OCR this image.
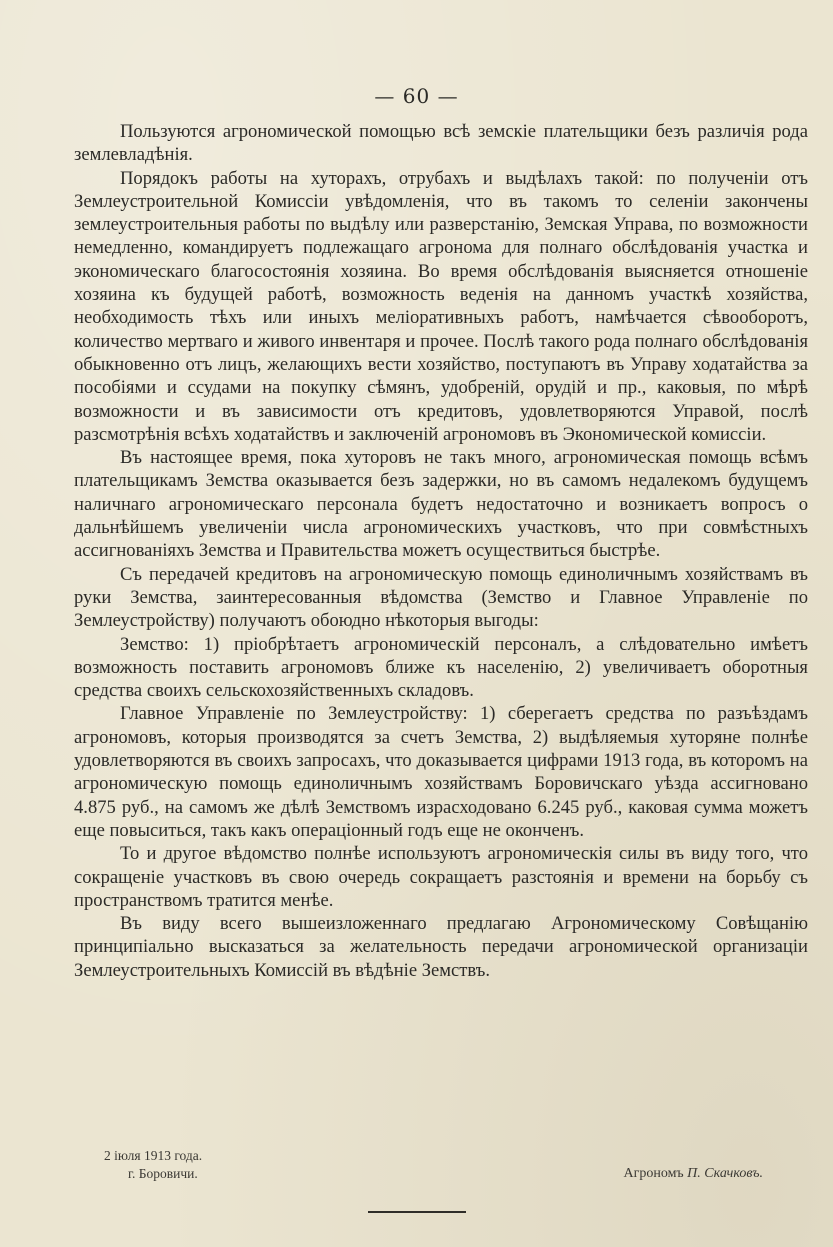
— 60 —

Пользуются агрономической помощью всѣ земскіе плательщики безъ различія рода землевладѣнія.

Порядокъ работы на хуторахъ, отрубахъ и выдѣлахъ такой: по полученіи отъ Землеустроительной Комиссіи увѣдомленія, что въ такомъ то селеніи закончены землеустроительныя работы по выдѣлу или разверстанію, Земская Управа, по возможности немедленно, командируетъ подлежащаго агронома для полнаго обслѣдованія участка и экономическаго благосостоянія хозяина. Во время обслѣдованія выясняется отношеніе хозяина къ будущей работѣ, возможность веденія на данномъ участкѣ хозяйства, необходимость тѣхъ или иныхъ меліоративныхъ работъ, намѣчается сѣвооборотъ, количество мертваго и живого инвентаря и прочее. Послѣ такого рода полнаго обслѣдованія обыкновенно отъ лицъ, желающихъ вести хозяйство, поступаютъ въ Управу ходатайства за пособіями и ссудами на покупку сѣмянъ, удобреній, орудій и пр., каковыя, по мѣрѣ возможности и въ зависимости отъ кредитовъ, удовлетворяются Управой, послѣ разсмотрѣнія всѣхъ ходатайствъ и заключеній агрономовъ въ Экономической комиссіи.

Въ настоящее время, пока хуторовъ не такъ много, агрономическая помощь всѣмъ плательщикамъ Земства оказывается безъ задержки, но въ самомъ недалекомъ будущемъ наличнаго агрономическаго персонала будетъ недостаточно и возникаетъ вопросъ о дальнѣйшемъ увеличеніи числа агрономическихъ участковъ, что при совмѣстныхъ ассигнованіяхъ Земства и Правительства можетъ осуществиться быстрѣе.

Съ передачей кредитовъ на агрономическую помощь единоличнымъ хозяйствамъ въ руки Земства, заинтересованныя вѣдомства (Земство и Главное Управленіе по Землеустройству) получаютъ обоюдно нѣкоторыя выгоды:

Земство: 1) пріобрѣтаетъ агрономическій персоналъ, а слѣдовательно имѣетъ возможность поставить агрономовъ ближе къ населенію, 2) увеличиваетъ оборотныя средства своихъ сельскохозяйственныхъ складовъ.

Главное Управленіе по Землеустройству: 1) сберегаетъ средства по разъѣздамъ агрономовъ, которыя производятся за счетъ Земства, 2) выдѣляемыя хуторяне полнѣе удовлетворяются въ своихъ запросахъ, что доказывается цифрами 1913 года, въ которомъ на агрономическую помощь единоличнымъ хозяйствамъ Боровичскаго уѣзда ассигновано 4.875 руб., на самомъ же дѣлѣ Земствомъ израсходовано 6.245 руб., каковая сумма можетъ еще повыситься, такъ какъ операціонный годъ еще не оконченъ.

То и другое вѣдомство полнѣе используютъ агрономическія силы въ виду того, что сокращеніе участковъ въ свою очередь сокращаетъ разстоянія и времени на борьбу съ пространствомъ тратится менѣе.

Въ виду всего вышеизложеннаго предлагаю Агрономическому Совѣщанію принципіально высказаться за желательность передачи агрономической организаціи Землеустроительныхъ Комиссій въ вѣдѣніе Земствъ.

2 іюля 1913 года.
г. Боровичи.	Агрономъ П. Скачковъ.
